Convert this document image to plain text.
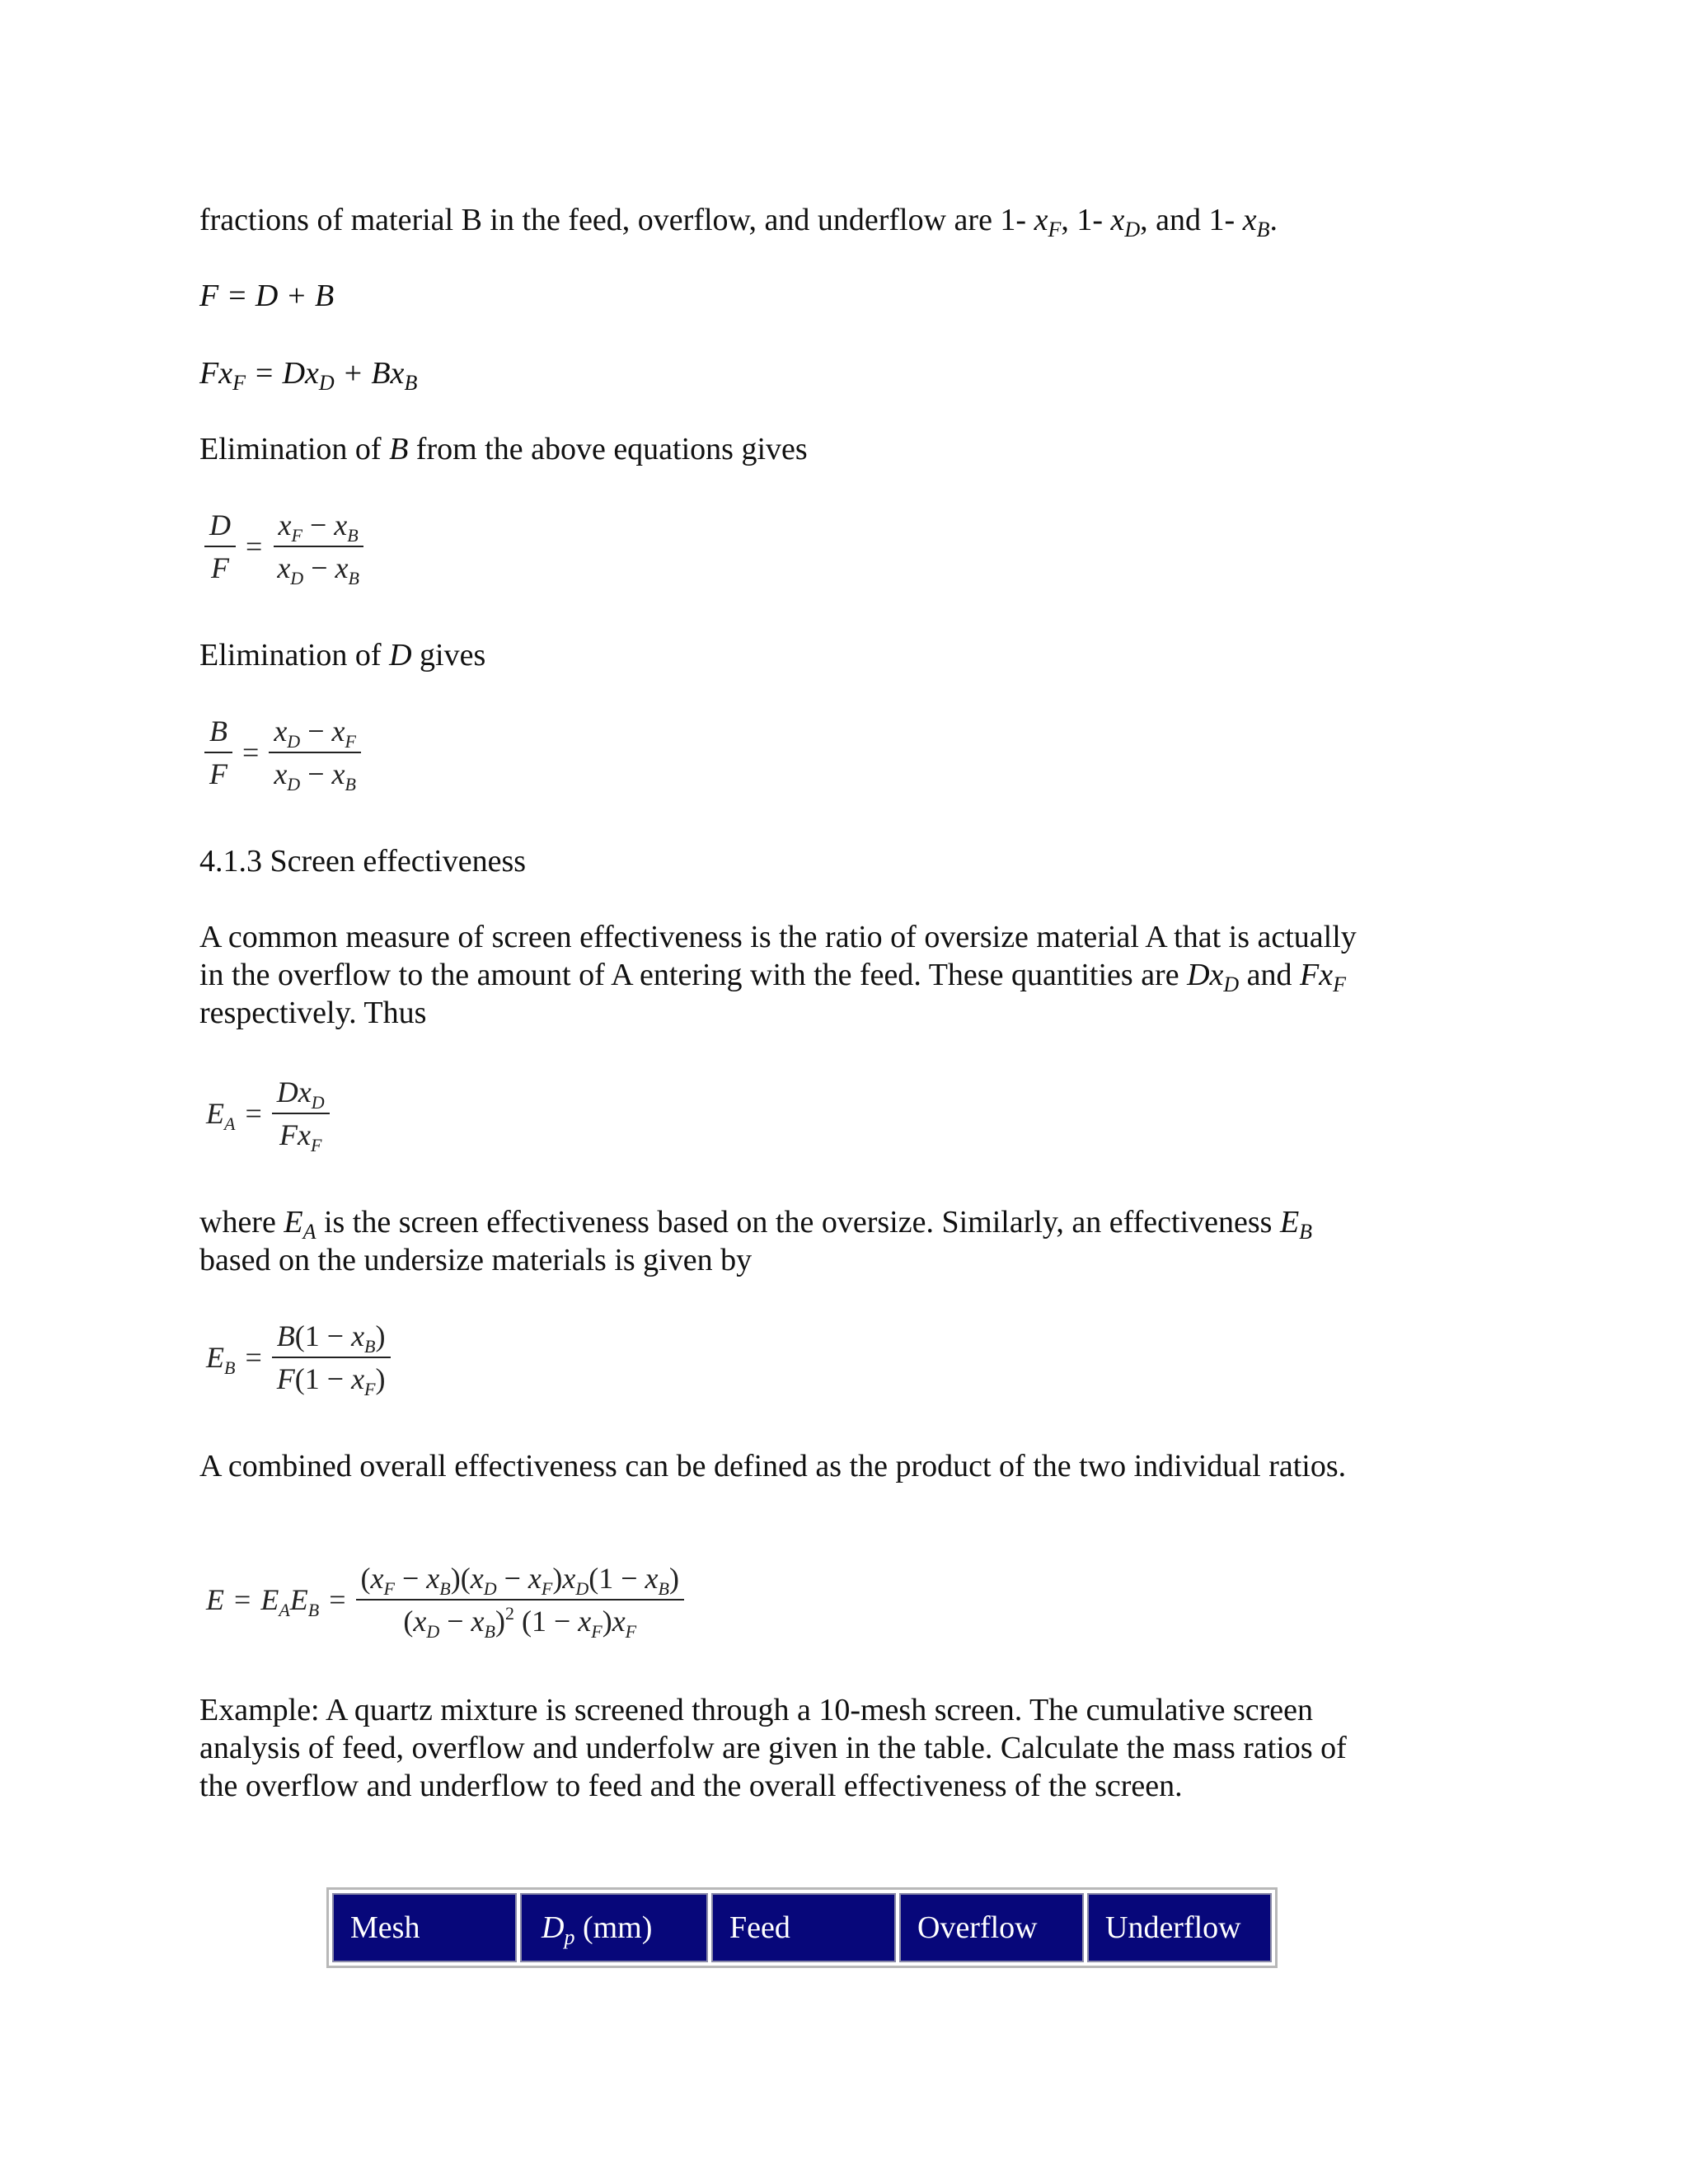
fractions of material B in the feed, overflow, and underflow are 1- $x_F$, 1- $x_D$, and 1- $x_B$.

F = D + B

$Fx_F = Dx_D + Bx_B$

Elimination of B from the above equations gives

$\frac{D}{F} = \frac{x_F - x_B}{x_D - x_B}$

Elimination of D gives

$\frac{B}{F} = \frac{x_D - x_F}{x_D - x_B}$

4.1.3 Screen effectiveness

A common measure of screen effectiveness is the ratio of oversize material A that is actually in the overflow to the amount of A entering with the feed. These quantities are $Dx_D$ and $Fx_F$ respectively. Thus

$E_A = \frac{Dx_D}{Fx_F}$

where $E_A$ is the screen effectiveness based on the oversize. Similarly, an effectiveness $E_B$ based on the undersize materials is given by

$E_B = \frac{B(1 - x_B)}{F(1 - x_F)}$

A combined overall effectiveness can be defined as the product of the two individual ratios.

$E = E_AE_B = \frac{(x_F - x_B)(x_D - x_F)x_D(1 - x_B)}{(x_D - x_B)^2 (1 - x_F)x_F}$

Example: A quartz mixture is screened through a 10-mesh screen. The cumulative screen analysis of feed, overflow and underfolw are given in the table. Calculate the mass ratios of the overflow and underflow to feed and the overall effectiveness of the screen.

Mesh	$D_p$ (mm)	Feed	Overflow	Underflow
